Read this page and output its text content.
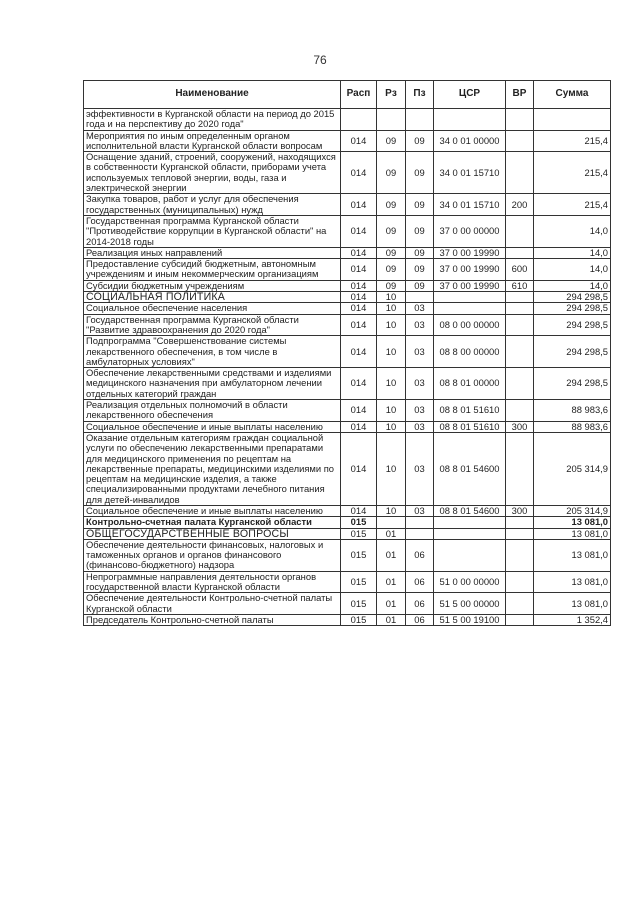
76
Наименование	Расп	Рз	Пз	ЦСР	ВР	Сумма
эффективности в Курганской области на период до 2015 года и на перспективу до 2020 года"						
Мероприятия по иным определенным органом исполнительной власти Курганской области вопросам	014	09	09	34 0 01 00000		215,4
Оснащение зданий, строений, сооружений, находящихся в собственности Курганской области, приборами учета используемых тепловой энергии, воды, газа и электрической энергии	014	09	09	34 0 01 15710		215,4
Закупка товаров, работ и услуг для обеспечения государственных (муниципальных) нужд	014	09	09	34 0 01 15710	200	215,4
Государственная программа Курганской области "Противодействие коррупции в Курганской области" на 2014-2018 годы	014	09	09	37 0 00 00000		14,0
Реализация иных направлений	014	09	09	37 0 00 19990		14,0
Предоставление субсидий бюджетным, автономным учреждениям и иным некоммерческим организациям	014	09	09	37 0 00 19990	600	14,0
Субсидии бюджетным учреждениям	014	09	09	37 0 00 19990	610	14,0
СОЦИАЛЬНАЯ ПОЛИТИКА	014	10				294 298,5
Социальное обеспечение населения	014	10	03			294 298,5
Государственная программа Курганской области "Развитие здравоохранения до 2020 года"	014	10	03	08 0 00 00000		294 298,5
Подпрограмма "Совершенствование системы лекарственного обеспечения, в том числе в амбулаторных условиях"	014	10	03	08 8 00 00000		294 298,5
Обеспечение лекарственными средствами и изделиями медицинского назначения при амбулаторном лечении отдельных категорий граждан	014	10	03	08 8 01 00000		294 298,5
Реализация отдельных полномочий в области лекарственного обеспечения	014	10	03	08 8 01 51610		88 983,6
Социальное обеспечение и иные выплаты населению	014	10	03	08 8 01 51610	300	88 983,6
Оказание отдельным категориям граждан социальной услуги по обеспечению лекарственными препаратами для медицинского применения по рецептам на лекарственные препараты, медицинскими изделиями по рецептам на медицинские изделия, а также специализированными продуктами лечебного питания для детей-инвалидов	014	10	03	08 8 01 54600		205 314,9
Социальное обеспечение и иные выплаты населению	014	10	03	08 8 01 54600	300	205 314,9
Контрольно-счетная палата Курганской области	015					13 081,0
ОБЩЕГОСУДАРСТВЕННЫЕ ВОПРОСЫ	015	01				13 081,0
Обеспечение деятельности финансовых, налоговых и таможенных органов и органов финансового (финансово-бюджетного) надзора	015	01	06			13 081,0
Непрограммные направления деятельности органов государственной власти Курганской области	015	01	06	51 0 00 00000		13 081,0
Обеспечение деятельности Контрольно-счетной палаты Курганской области	015	01	06	51 5 00 00000		13 081,0
Председатель Контрольно-счетной палаты	015	01	06	51 5 00 19100		1 352,4
